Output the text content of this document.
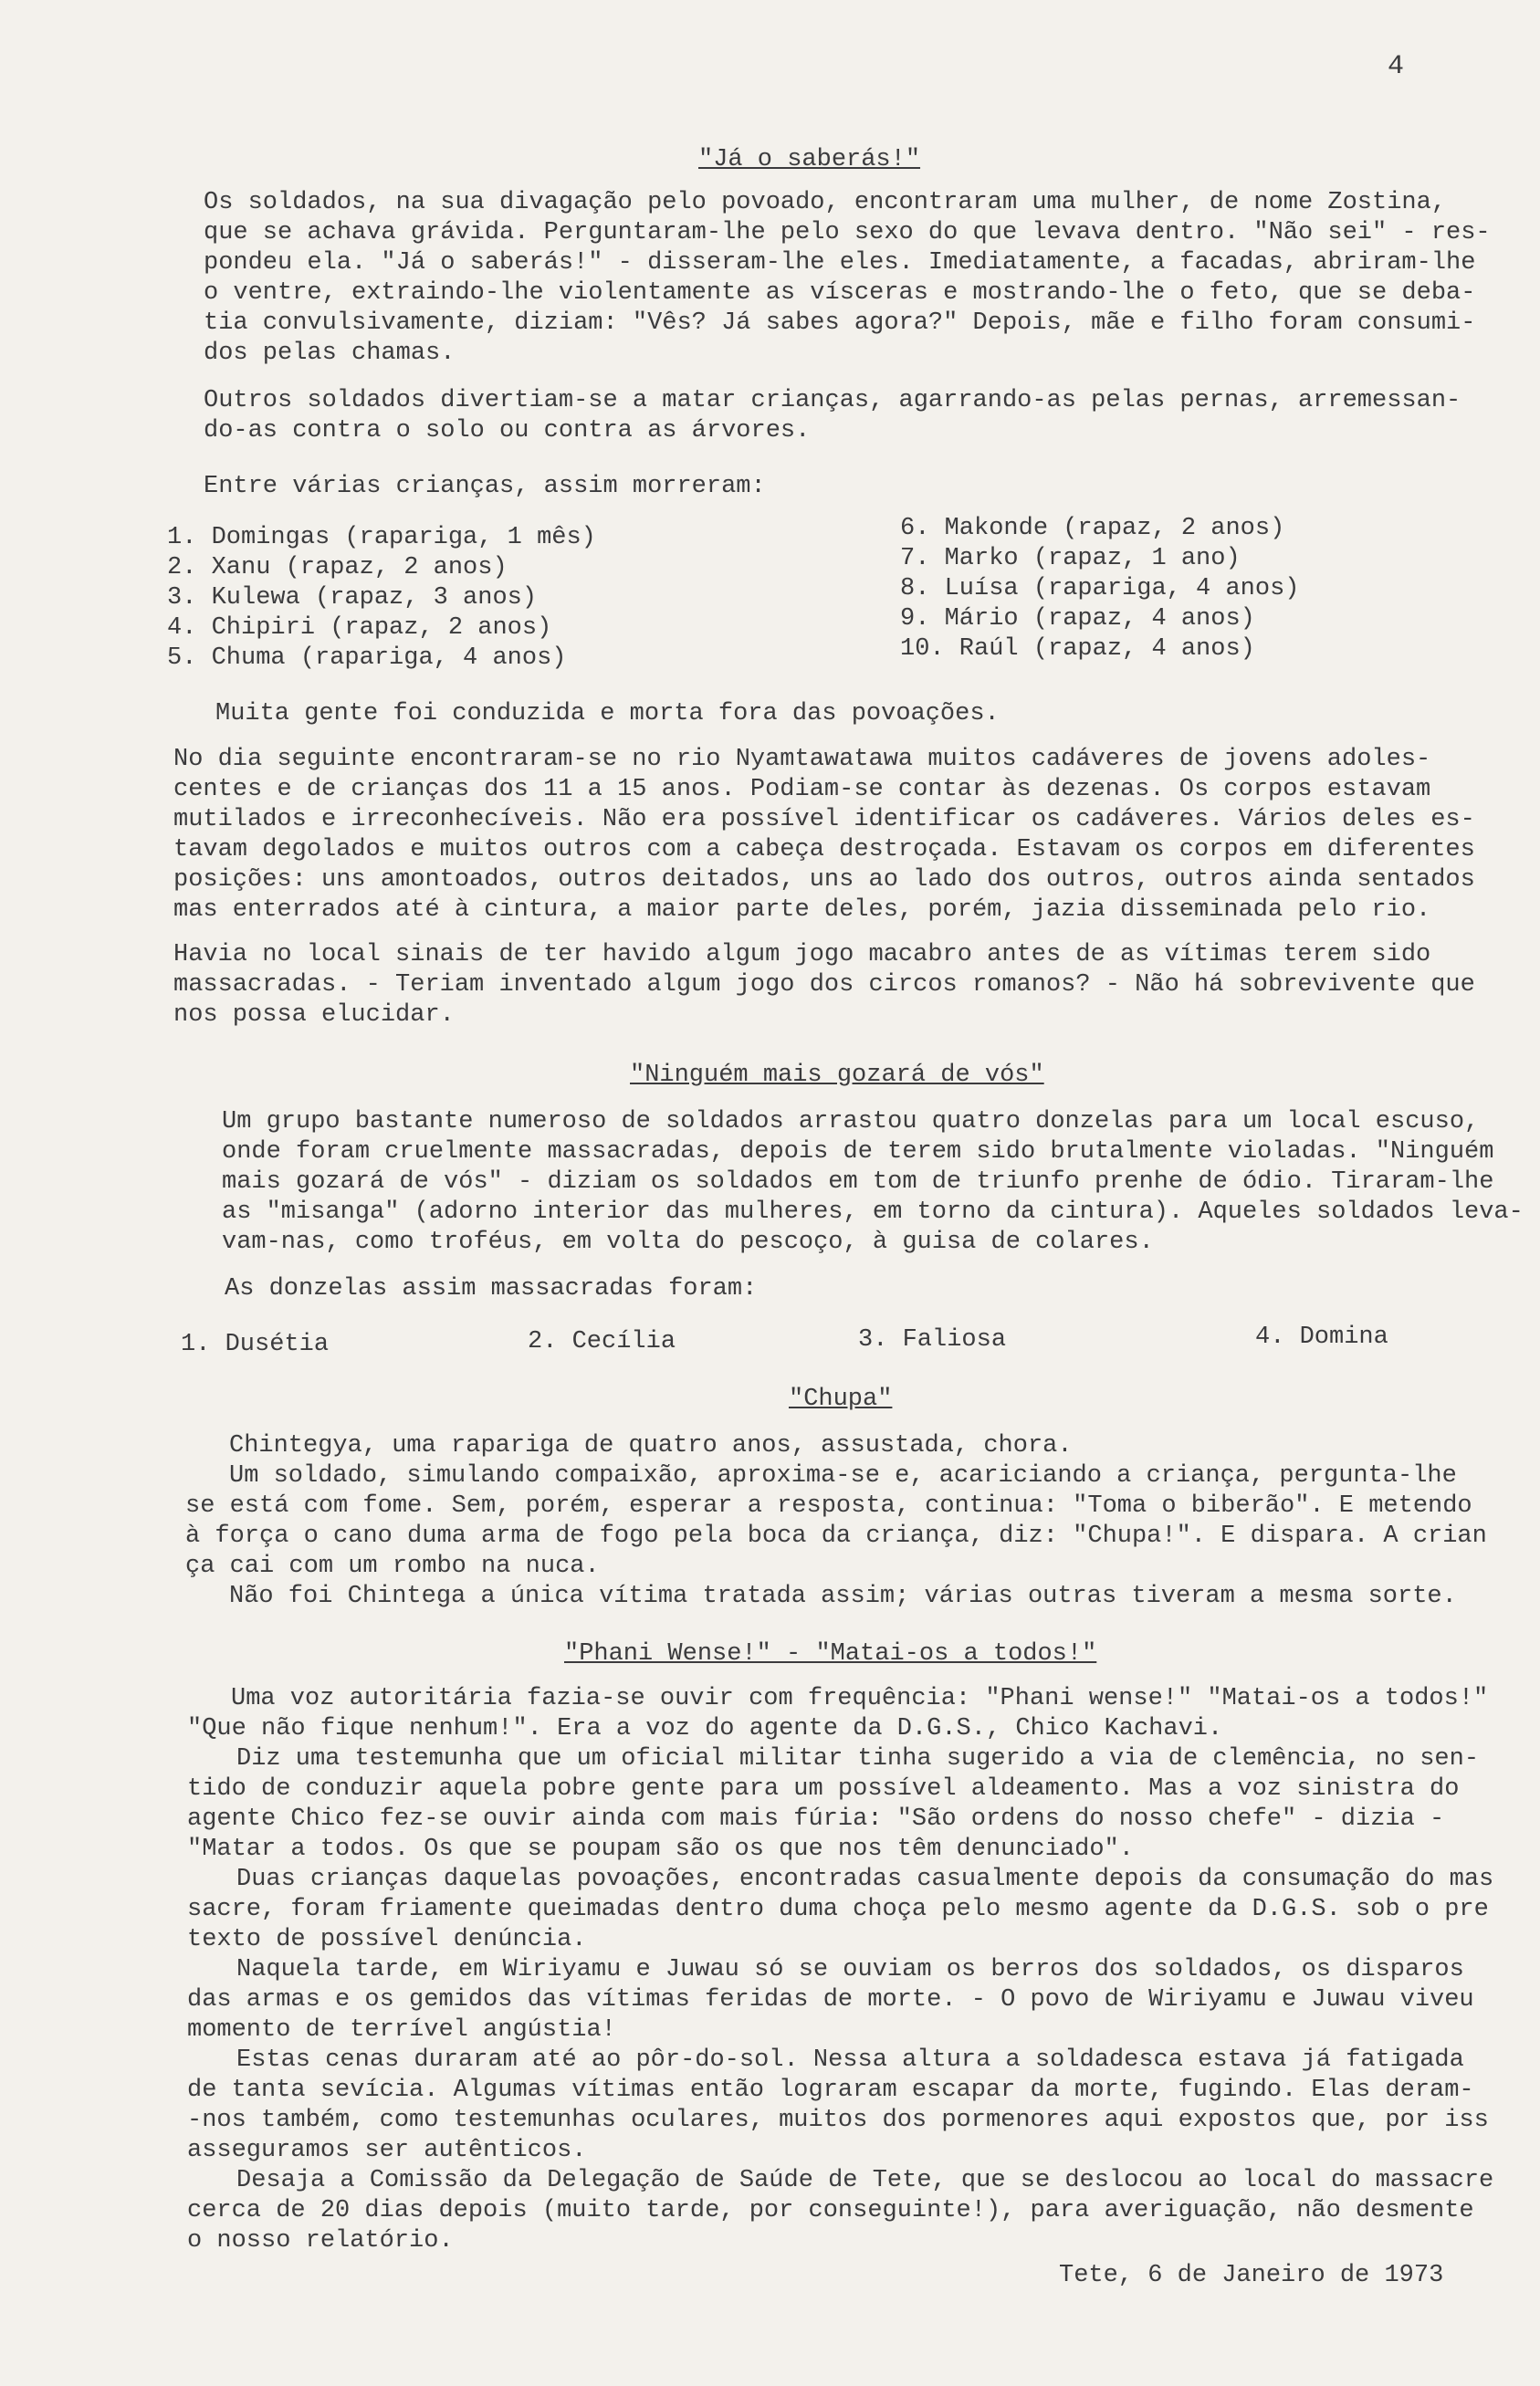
4
"Já o saberás!"
Os soldados, na sua divagação pelo povoado, encontraram uma mulher, de nome Zostina,
que se achava grávida. Perguntaram-lhe pelo sexo do que levava dentro. "Não sei" - res-
pondeu ela. "Já o saberás!" - disseram-lhe eles. Imediatamente, a facadas, abriram-lhe
o ventre, extraindo-lhe violentamente as vísceras e mostrando-lhe o feto, que se deba-
tia convulsivamente, diziam: "Vês? Já sabes agora?" Depois, mãe e filho foram consumi-
dos pelas chamas.
Outros soldados divertiam-se a matar crianças, agarrando-as pelas pernas, arremessan-
do-as contra o solo ou contra as árvores.
Entre várias crianças, assim morreram:
1. Domingas (rapariga, 1 mês)
2. Xanu (rapaz, 2 anos)
3. Kulewa (rapaz, 3 anos)
4. Chipiri (rapaz, 2 anos)
5. Chuma (rapariga, 4 anos)
6. Makonde (rapaz, 2 anos)
7. Marko (rapaz, 1 ano)
8. Luísa (rapariga, 4 anos)
9. Mário (rapaz, 4 anos)
10. Raúl (rapaz, 4 anos)
Muita gente foi conduzida e morta fora das povoações.
No dia seguinte encontraram-se no rio Nyamtawatawa muitos cadáveres de jovens adoles-
centes e de crianças dos 11 a 15 anos. Podiam-se contar às dezenas. Os corpos estavam
mutilados e irreconhecíveis. Não era possível identificar os cadáveres. Vários deles es-
tavam degolados e muitos outros com a cabeça destroçada. Estavam os corpos em diferentes
posições: uns amontoados, outros deitados, uns ao lado dos outros, outros ainda sentados
mas enterrados até à cintura, a maior parte deles, porém, jazia disseminada pelo rio.
Havia no local sinais de ter havido algum jogo macabro antes de as vítimas terem sido
massacradas. - Teriam inventado algum jogo dos circos romanos? - Não há sobrevivente que
nos possa elucidar.
"Ninguém mais gozará de vós"
Um grupo bastante numeroso de soldados arrastou quatro donzelas para um local escuso,
onde foram cruelmente massacradas, depois de terem sido brutalmente violadas. "Ninguém
mais gozará de vós" - diziam os soldados em tom de triunfo prenhe de ódio. Tiraram-lhe
as "misanga" (adorno interior das mulheres, em torno da cintura). Aqueles soldados leva-
vam-nas, como troféus, em volta do pescoço, à guisa de colares.
As donzelas assim massacradas foram:
1. Dusétia	2. Cecília	3. Faliosa	4. Domina
"Chupa"
Chintegya, uma rapariga de quatro anos, assustada, chora.
Um soldado, simulando compaixão, aproxima-se e, acariciando a criança, pergunta-lhe
se está com fome. Sem, porém, esperar a resposta, continua: "Toma o biberão". E metendo
à força o cano duma arma de fogo pela boca da criança, diz: "Chupa!". E dispara. A crian
ça cai com um rombo na nuca.
Não foi Chintega a única vítima tratada assim; várias outras tiveram a mesma sorte.
"Phani Wense!" - "Matai-os a todos!"
Uma voz autoritária fazia-se ouvir com frequência: "Phani wense!" "Matai-os a todos!"
"Que não fique nenhum!". Era a voz do agente da D.G.S., Chico Kachavi.
Diz uma testemunha que um oficial militar tinha sugerido a via de clemência, no sen-
tido de conduzir aquela pobre gente para um possível aldeamento. Mas a voz sinistra do
agente Chico fez-se ouvir ainda com mais fúria: "São ordens do nosso chefe" - dizia -
"Matar a todos. Os que se poupam são os que nos têm denunciado".
Duas crianças daquelas povoações, encontradas casualmente depois da consumação do mas
sacre, foram friamente queimadas dentro duma choça pelo mesmo agente da D.G.S. sob o pre
texto de possível denúncia.
Naquela tarde, em Wiriyamu e Juwau só se ouviam os berros dos soldados, os disparos
das armas e os gemidos das vítimas feridas de morte. - O povo de Wiriyamu e Juwau viveu
momento de terrível angústia!
Estas cenas duraram até ao pôr-do-sol. Nessa altura a soldadesca estava já fatigada
de tanta sevícia. Algumas vítimas então lograram escapar da morte, fugindo. Elas deram-
-nos também, como testemunhas oculares, muitos dos pormenores aqui expostos que, por iss
asseguramos ser autênticos.
Desaja a Comissão da Delegação de Saúde de Tete, que se deslocou ao local do massacre
cerca de 20 dias depois (muito tarde, por conseguinte!), para averiguação, não desmente
o nosso relatório.
Tete, 6 de Janeiro de 1973
